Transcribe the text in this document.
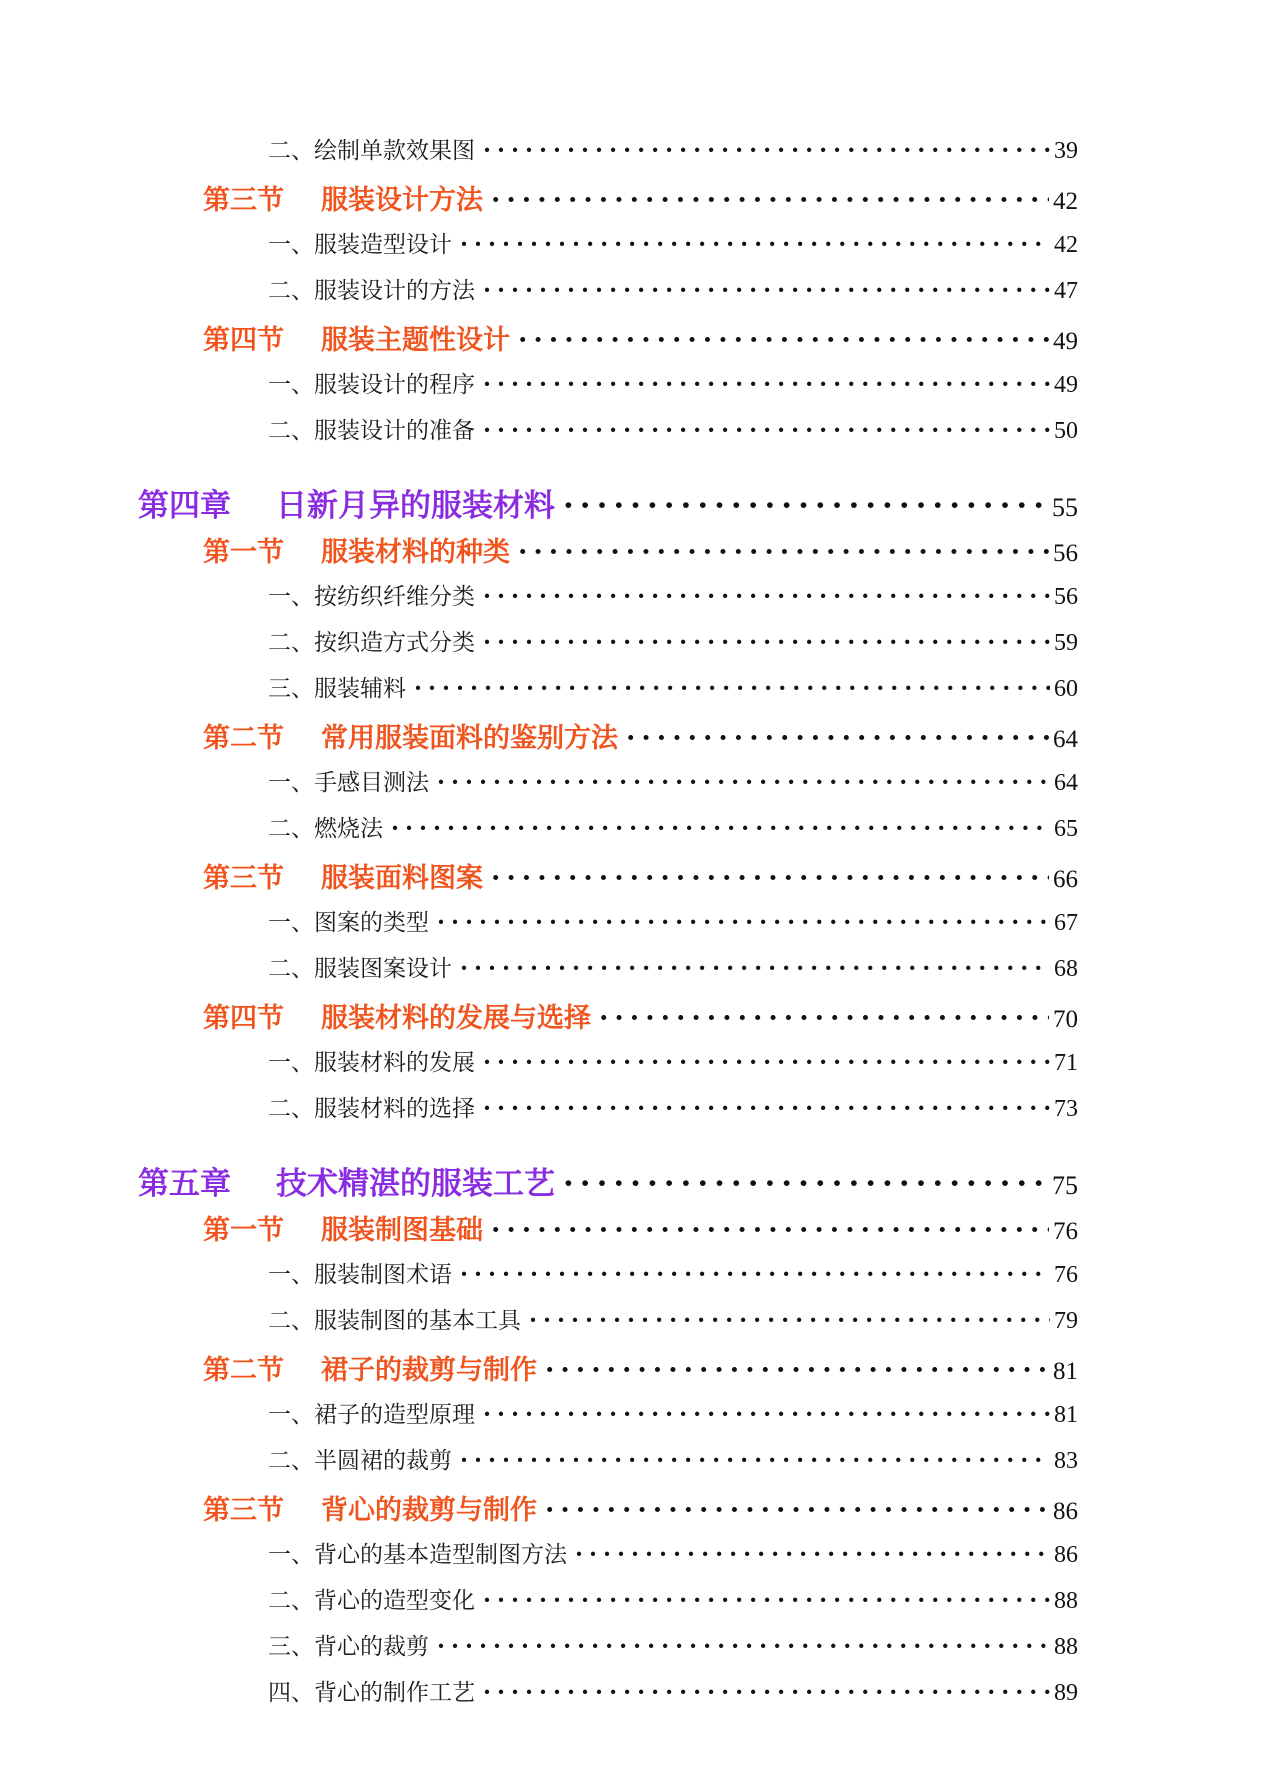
二、绘制单款效果图 ·····	39
第三节 服装设计方法 ·····	42
一、服装造型设计 ·····	42
二、服装设计的方法 ·····	47
第四节 服装主题性设计 ·····	49
一、服装设计的程序 ·····	49
二、服装设计的准备 ·····	50
第四章 日新月异的服装材料 ·····	55
第一节 服装材料的种类 ·····	56
一、按纺织纤维分类 ·····	56
二、按织造方式分类 ·····	59
三、服装辅料 ·····	60
第二节 常用服装面料的鉴别方法 ·····	64
一、手感目测法 ·····	64
二、燃烧法 ·····	65
第三节 服装面料图案 ·····	66
一、图案的类型 ·····	67
二、服装图案设计 ·····	68
第四节 服装材料的发展与选择 ·····	70
一、服装材料的发展 ·····	71
二、服装材料的选择 ·····	73
第五章 技术精湛的服装工艺 ·····	75
第一节 服装制图基础 ·····	76
一、服装制图术语 ·····	76
二、服装制图的基本工具 ·····	79
第二节 裙子的裁剪与制作 ·····	81
一、裙子的造型原理 ·····	81
二、半圆裙的裁剪 ·····	83
第三节 背心的裁剪与制作 ·····	86
一、背心的基本造型制图方法 ·····	86
二、背心的造型变化 ·····	88
三、背心的裁剪 ·····	88
四、背心的制作工艺 ·····	89
